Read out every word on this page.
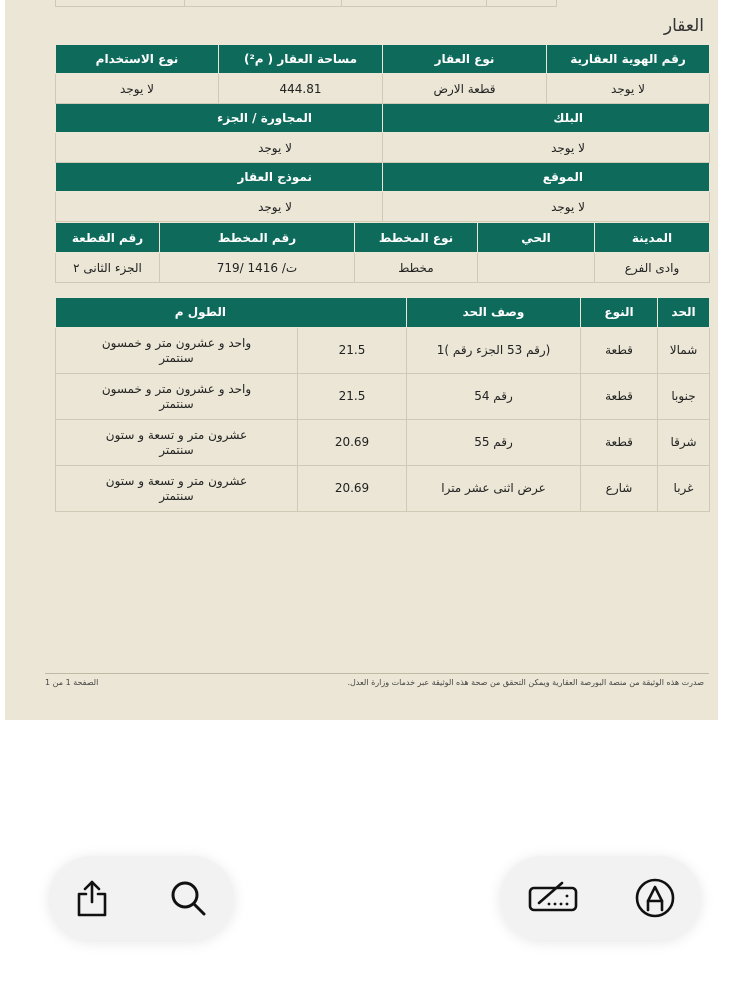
العقار
رقم الهوية العقارية	نوع العقار	مساحة العقار ( م²)	نوع الاستخدام
لا يوجد	قطعة الارض	444.81	لا يوجد
البلك		المجاورة / الجزء	
لا يوجد		لا يوجد	
الموقع		نموذج العقار	
لا يوجد		لا يوجد	
المدينة	الحي	نوع المخطط	رقم المخطط	رقم القطعة
وادى الفرع		مخطط	ت/ 1416 /719	الجزء الثانى ٢
الحد	النوع	وصف الحد	الطول م	
شمالا	قطعة	(رقم 53 الجزء رقم )1	21.5	واحد و عشرون متر و خمسون سنتمتر
جنوبا	قطعة	رقم 54	21.5	واحد و عشرون متر و خمسون سنتمتر
شرقا	قطعة	رقم 55	20.69	عشرون متر و تسعة و ستون سنتمتر
غربا	شارع	عرض اثنى عشر مترا	20.69	عشرون متر و تسعة و ستون سنتمتر
صدرت هذه الوثيقة من منصة البورصة العقارية ويمكن التحقق من صحة هذه الوثيقة عبر خدمات وزارة العدل.
الصفحة 1 من 1
